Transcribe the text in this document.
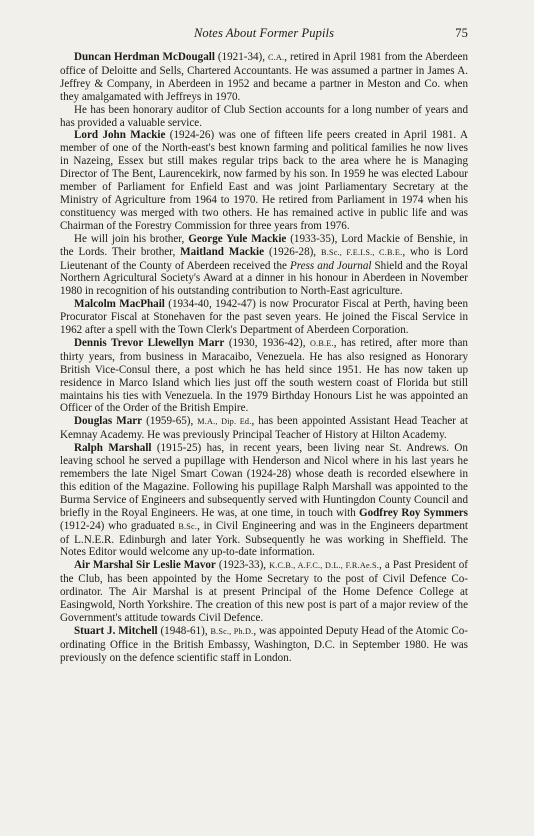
Notes About Former Pupils	75

Duncan Herdman McDougall (1921-34), C.A., retired in April 1981 from the Aberdeen office of Deloitte and Sells, Chartered Accountants. He was assumed a partner in James A. Jeffrey & Company, in Aberdeen in 1952 and became a partner in Meston and Co. when they amalgamated with Jeffreys in 1970.

He has been honorary auditor of Club Section accounts for a long number of years and has provided a valuable service.

Lord John Mackie (1924-26) was one of fifteen life peers created in April 1981. A member of one of the North-east's best known farming and political families he now lives in Nazeing, Essex but still makes regular trips back to the area where he is Managing Director of The Bent, Laurencekirk, now farmed by his son. In 1959 he was elected Labour member of Parliament for Enfield East and was joint Parliamentary Secretary at the Ministry of Agriculture from 1964 to 1970. He retired from Parliament in 1974 when his constituency was merged with two others. He has remained active in public life and was Chairman of the Forestry Commission for three years from 1976.

He will join his brother, George Yule Mackie (1933-35), Lord Mackie of Benshie, in the Lords. Their brother, Maitland Mackie (1926-28), B.Sc., F.E.I.S., C.B.E., who is Lord Lieutenant of the County of Aberdeen received the Press and Journal Shield and the Royal Northern Agricultural Society's Award at a dinner in his honour in Aberdeen in November 1980 in recognition of his outstanding contribution to North-East agriculture.

Malcolm MacPhail (1934-40, 1942-47) is now Procurator Fiscal at Perth, having been Procurator Fiscal at Stonehaven for the past seven years. He joined the Fiscal Service in 1962 after a spell with the Town Clerk's Department of Aberdeen Corporation.

Dennis Trevor Llewellyn Marr (1930, 1936-42), O.B.E., has retired, after more than thirty years, from business in Maracaibo, Venezuela. He has also resigned as Honorary British Vice-Consul there, a post which he has held since 1951. He has now taken up residence in Marco Island which lies just off the south western coast of Florida but still maintains his ties with Venezuela. In the 1979 Birthday Honours List he was appointed an Officer of the Order of the British Empire.

Douglas Marr (1959-65), M.A., Dip. Ed., has been appointed Assistant Head Teacher at Kemnay Academy. He was previously Principal Teacher of History at Hilton Academy.

Ralph Marshall (1915-25) has, in recent years, been living near St. Andrews. On leaving school he served a pupillage with Henderson and Nicol where in his last years he remembers the late Nigel Smart Cowan (1924-28) whose death is recorded elsewhere in this edition of the Magazine. Following his pupillage Ralph Marshall was appointed to the Burma Service of Engineers and subsequently served with Huntingdon County Council and briefly in the Royal Engineers. He was, at one time, in touch with Godfrey Roy Symmers (1912-24) who graduated B.Sc., in Civil Engineering and was in the Engineers department of L.N.E.R. Edinburgh and later York. Subsequently he was working in Sheffield. The Notes Editor would welcome any up-to-date information.

Air Marshal Sir Leslie Mavor (1923-33), K.C.B., A.F.C., D.L., F.R.Ae.S., a Past President of the Club, has been appointed by the Home Secretary to the post of Civil Defence Co-ordinator. The Air Marshal is at present Principal of the Home Defence College at Easingwold, North Yorkshire. The creation of this new post is part of a major review of the Government's attitude towards Civil Defence.

Stuart J. Mitchell (1948-61), B.Sc., Ph.D., was appointed Deputy Head of the Atomic Co-ordinating Office in the British Embassy, Washington, D.C. in September 1980. He was previously on the defence scientific staff in London.
